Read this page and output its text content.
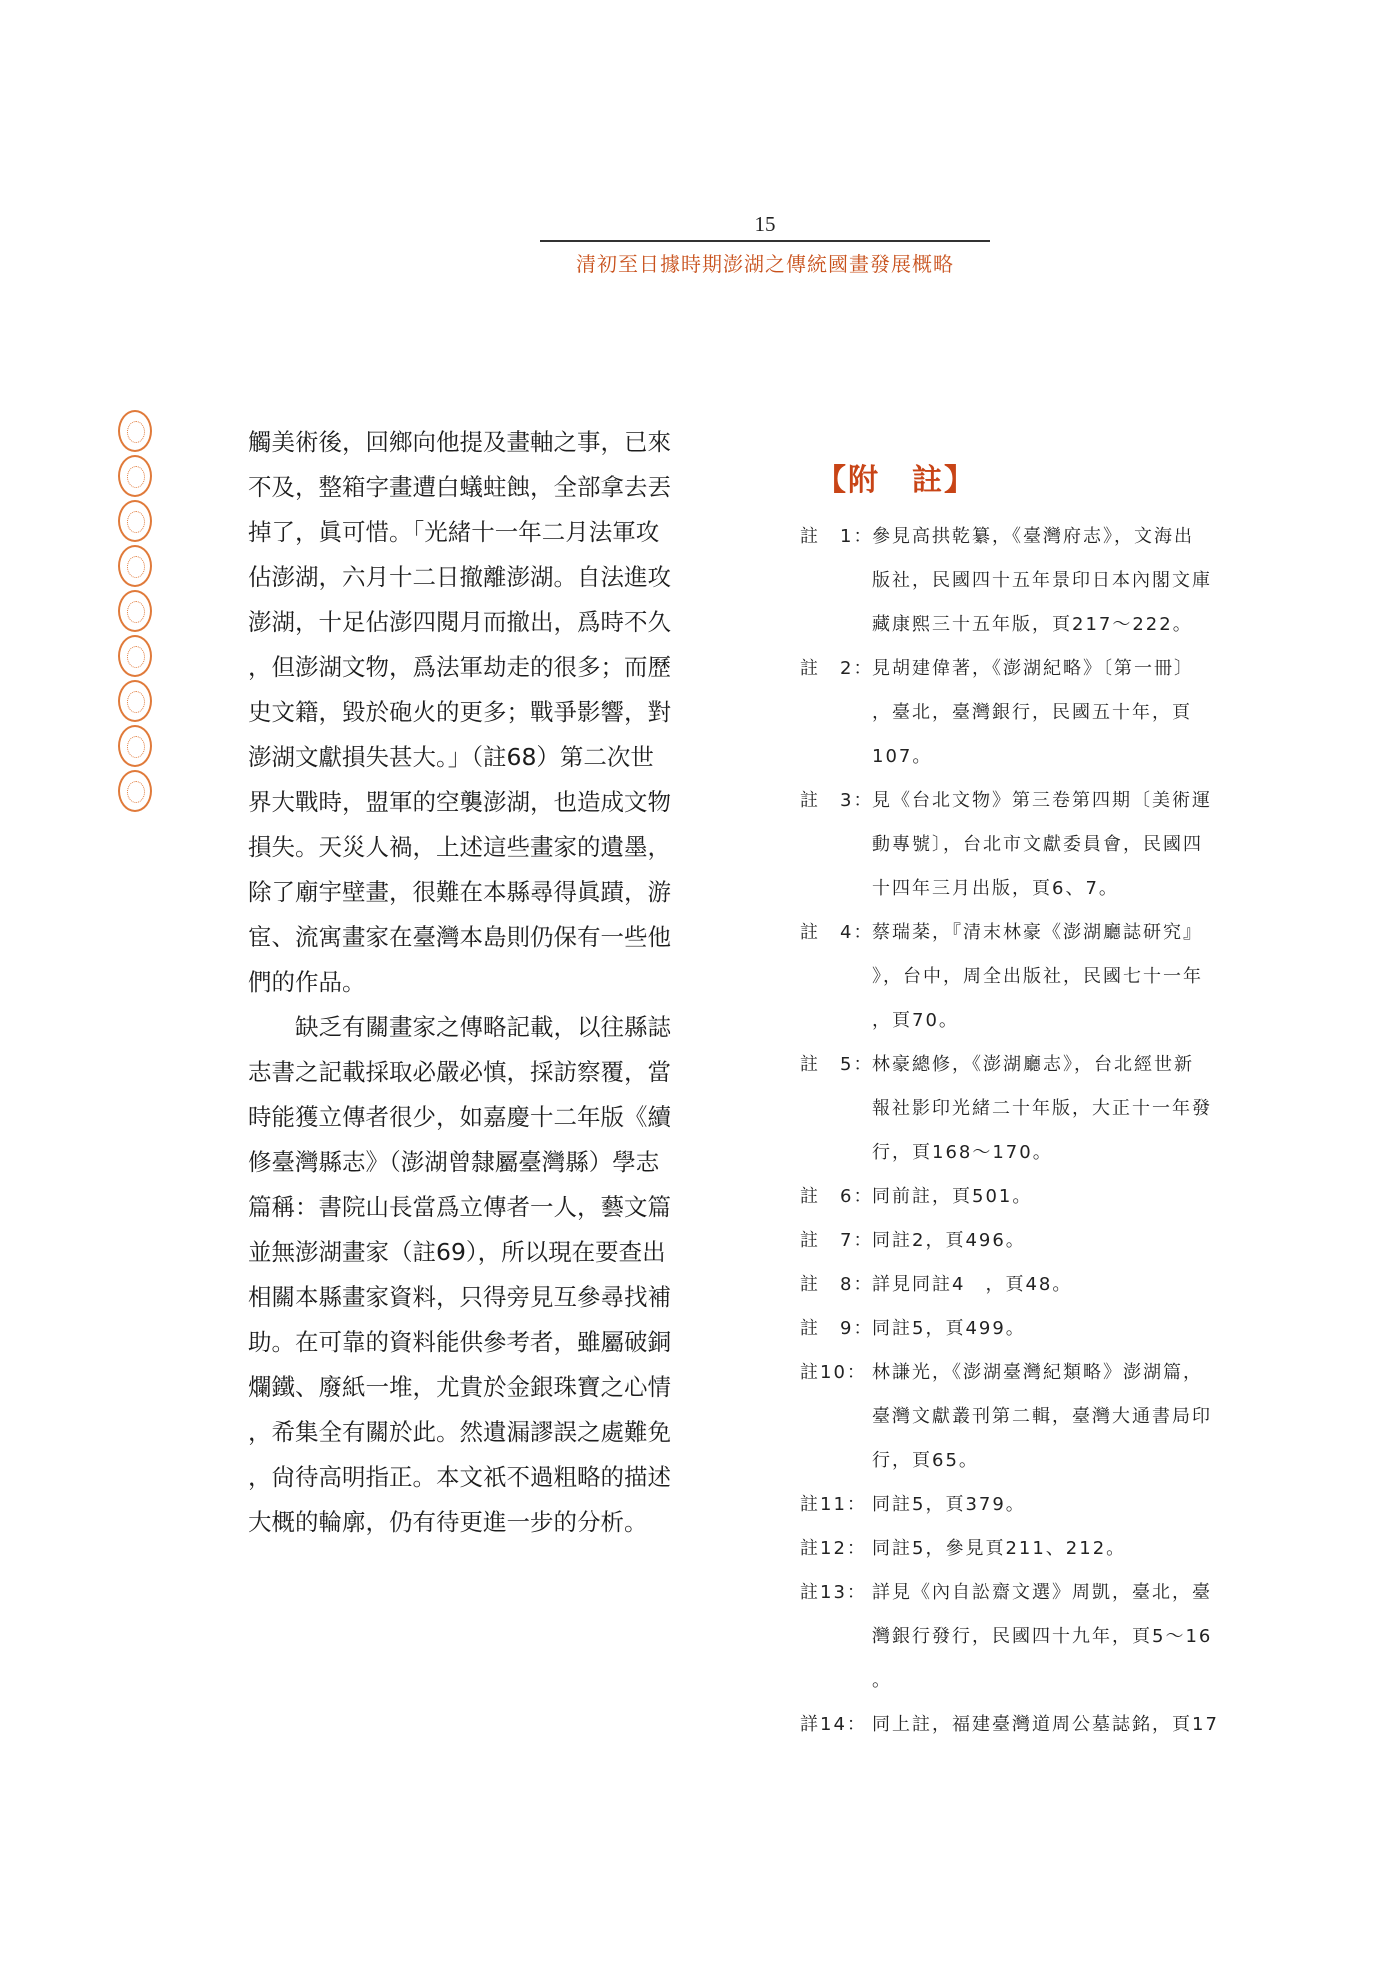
15
清初至日據時期澎湖之傳統國畫發展概略

觸美術後，回鄉向他提及畫軸之事，已來
不及，整箱字畫遭白蟻蛀蝕，全部拿去丟
掉了，眞可惜。「光緒十一年二月法軍攻
佔澎湖，六月十二日撤離澎湖。自法進攻
澎湖，十足佔澎四閱月而撤出，爲時不久
，但澎湖文物，爲法軍劫走的很多；而歷
史文籍，毀於砲火的更多；戰爭影響，對
澎湖文獻損失甚大。」（註68）第二次世
界大戰時，盟軍的空襲澎湖，也造成文物
損失。天災人禍，上述這些畫家的遺墨，
除了廟宇壁畫，很難在本縣尋得眞蹟，游
宦、流寓畫家在臺灣本島則仍保有一些他
們的作品。

　　缺乏有關畫家之傳略記載，以往縣誌
志書之記載採取必嚴必慎，採訪察覆，當
時能獲立傳者很少，如嘉慶十二年版《續
修臺灣縣志》（澎湖曾隸屬臺灣縣）學志
篇稱：書院山長當爲立傳者一人，藝文篇
並無澎湖畫家（註69），所以現在要查出
相關本縣畫家資料，只得旁見互參尋找補
助。在可靠的資料能供參考者，雖屬破銅
爛鐵、廢紙一堆，尤貴於金銀珠寶之心情
，希集全有關於此。然遺漏謬誤之處難免
，尙待高明指正。本文祇不過粗略的描述
大概的輪廓，仍有待更進一步的分析。

【附　註】
註　1：
參見高拱乾纂，《臺灣府志》，文海出
版社，民國四十五年景印日本內閣文庫
藏康熙三十五年版，頁217～222。
註　2：
見胡建偉著，《澎湖紀略》〔第一冊〕
，臺北，臺灣銀行，民國五十年，頁
107。
註　3：
見《台北文物》第三卷第四期〔美術運
動專號〕，台北市文獻委員會，民國四
十四年三月出版，頁6、7。
註　4：
蔡瑞棻，『清末林豪《澎湖廳誌研究』
》，台中，周全出版社，民國七十一年
，頁70。
註　5：
林豪總修，《澎湖廳志》，台北經世新
報社影印光緒二十年版，大正十一年發
行，頁168～170。
註　6：
同前註，頁501。
註　7：
同註2，頁496。
註　8：
詳見同註4　，頁48。
註　9：
同註5，頁499。
註10： 林謙光，《澎湖臺灣紀類略》澎湖篇，
臺灣文獻叢刊第二輯，臺灣大通書局印
行，頁65。
註11： 同註5，頁379。
註12： 同註5，參見頁211、212。
註13： 詳見《內自訟齋文選》周凱，臺北，臺
灣銀行發行，民國四十九年，頁5～16
。
詳14： 同上註，福建臺灣道周公墓誌銘，頁17
